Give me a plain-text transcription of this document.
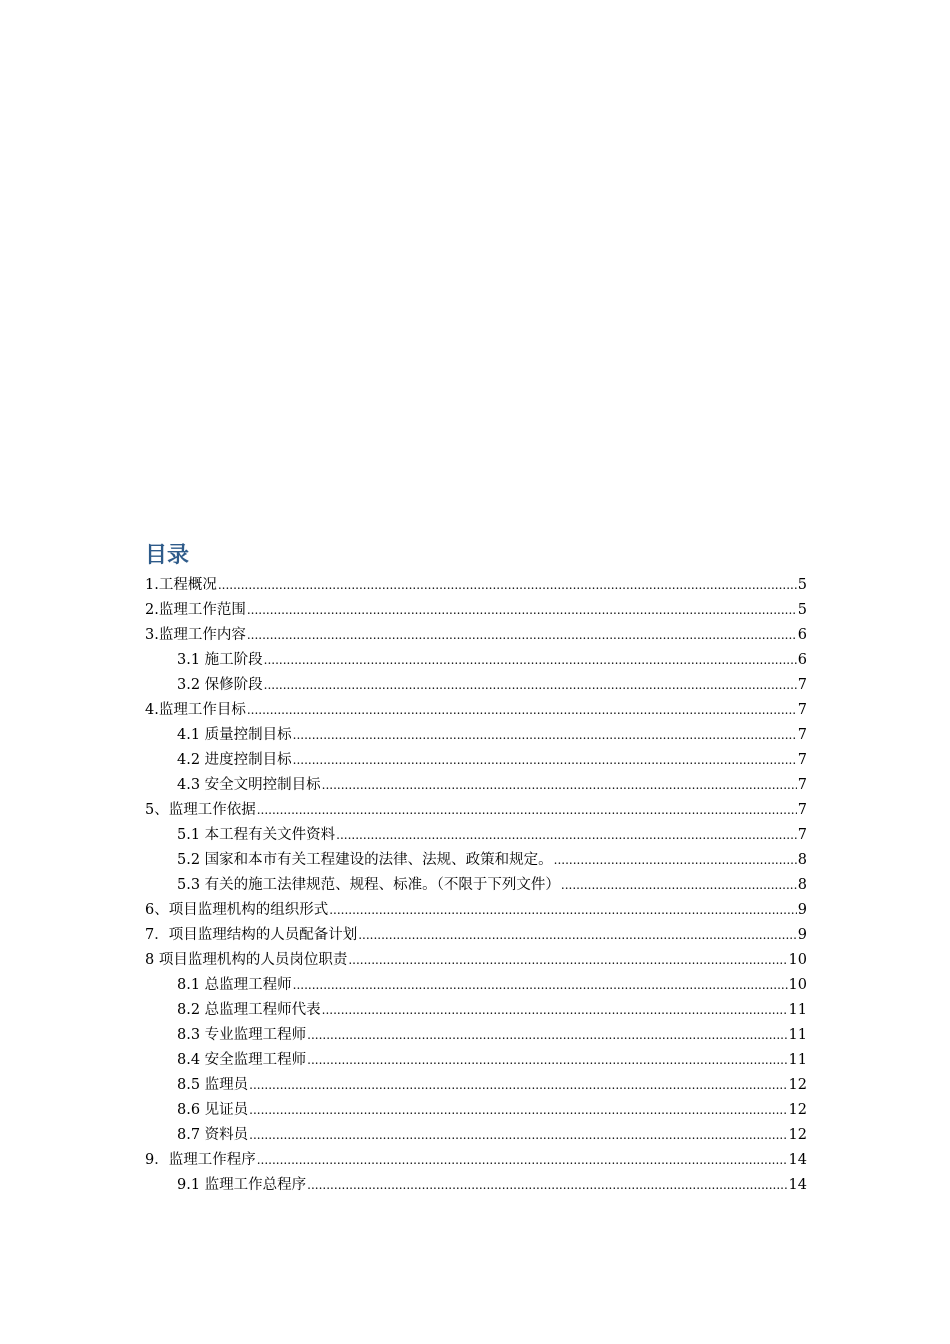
目录
1.工程概况 .....	5
2.监理工作范围 .....	5
3.监理工作内容 .....	6
3.1 施工阶段 .....	6
3.2 保修阶段 .....	7
4.监理工作目标 .....	7
4.1 质量控制目标 .....	7
4.2 进度控制目标 .....	7
4.3 安全文明控制目标 .....	7
5、监理工作依据 .....	7
5.1 本工程有关文件资料 .....	7
5.2 国家和本市有关工程建设的法律、法规、政策和规定。 .....	8
5.3 有关的施工法律规范、规程、标准。（不限于下列文件） .....	8
6、项目监理机构的组织形式 .....	9
7．项目监理结构的人员配备计划 .....	9
8 项目监理机构的人员岗位职责 .....	10
8.1 总监理工程师 .....	10
8.2 总监理工程师代表 .....	11
8.3 专业监理工程师 .....	11
8.4 安全监理工程师 .....	11
8.5 监理员 .....	12
8.6 见证员 .....	12
8.7 资料员 .....	12
9．监理工作程序 .....	14
9.1 监理工作总程序 .....	14
